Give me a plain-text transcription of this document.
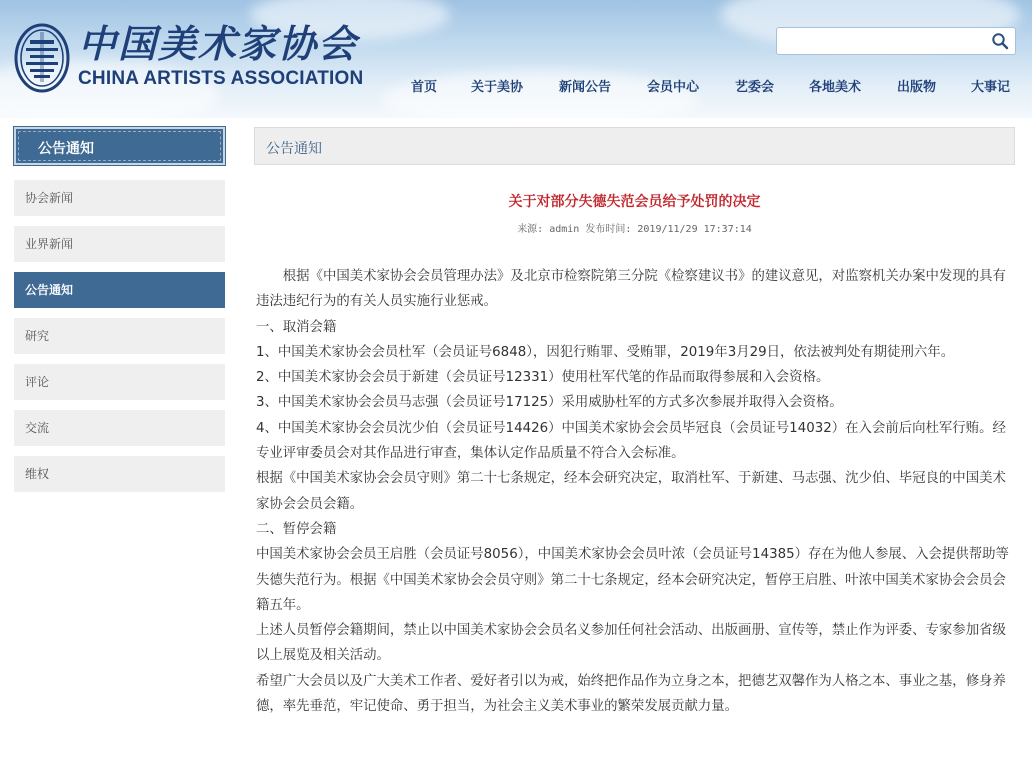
中国美术家协会
CHINA ARTISTS ASSOCIATION	首页	关于美协	新闻公告	会员中心	艺委会	各地美术	出版物	大事记
公告通知
协会新闻
业界新闻
公告通知
研究
评论
交流
维权
公告通知
关于对部分失德失范会员给予处罚的决定
来源: admin 发布时间: 2019/11/29 17:37:14

根据《中国美术家协会会员管理办法》及北京市检察院第三分院《检察建议书》的建议意见，对监察机关办案中发现的具有违法违纪行为的有关人员实施行业惩戒。

一、取消会籍

1、中国美术家协会会员杜军（会员证号6848），因犯行贿罪、受贿罪，2019年3月29日，依法被判处有期徒刑六年。

2、中国美术家协会会员于新建（会员证号12331）使用杜军代笔的作品而取得参展和入会资格。

3、中国美术家协会会员马志强（会员证号17125）采用威胁杜军的方式多次参展并取得入会资格。

4、中国美术家协会会员沈少伯（会员证号14426）中国美术家协会会员毕冠良（会员证号14032）在入会前后向杜军行贿。经专业评审委员会对其作品进行审查，集体认定作品质量不符合入会标准。

根据《中国美术家协会会员守则》第二十七条规定，经本会研究决定，取消杜军、于新建、马志强、沈少伯、毕冠良的中国美术家协会会员会籍。

二、暂停会籍

中国美术家协会会员王启胜（会员证号8056），中国美术家协会会员叶浓（会员证号14385）存在为他人参展、入会提供帮助等失德失范行为。根据《中国美术家协会会员守则》第二十七条规定，经本会研究决定，暂停王启胜、叶浓中国美术家协会会员会籍五年。

上述人员暂停会籍期间，禁止以中国美术家协会会员名义参加任何社会活动、出版画册、宣传等，禁止作为评委、专家参加省级以上展览及相关活动。

希望广大会员以及广大美术工作者、爱好者引以为戒，始终把作品作为立身之本，把德艺双馨作为人格之本、事业之基，修身养德，率先垂范，牢记使命、勇于担当，为社会主义美术事业的繁荣发展贡献力量。
